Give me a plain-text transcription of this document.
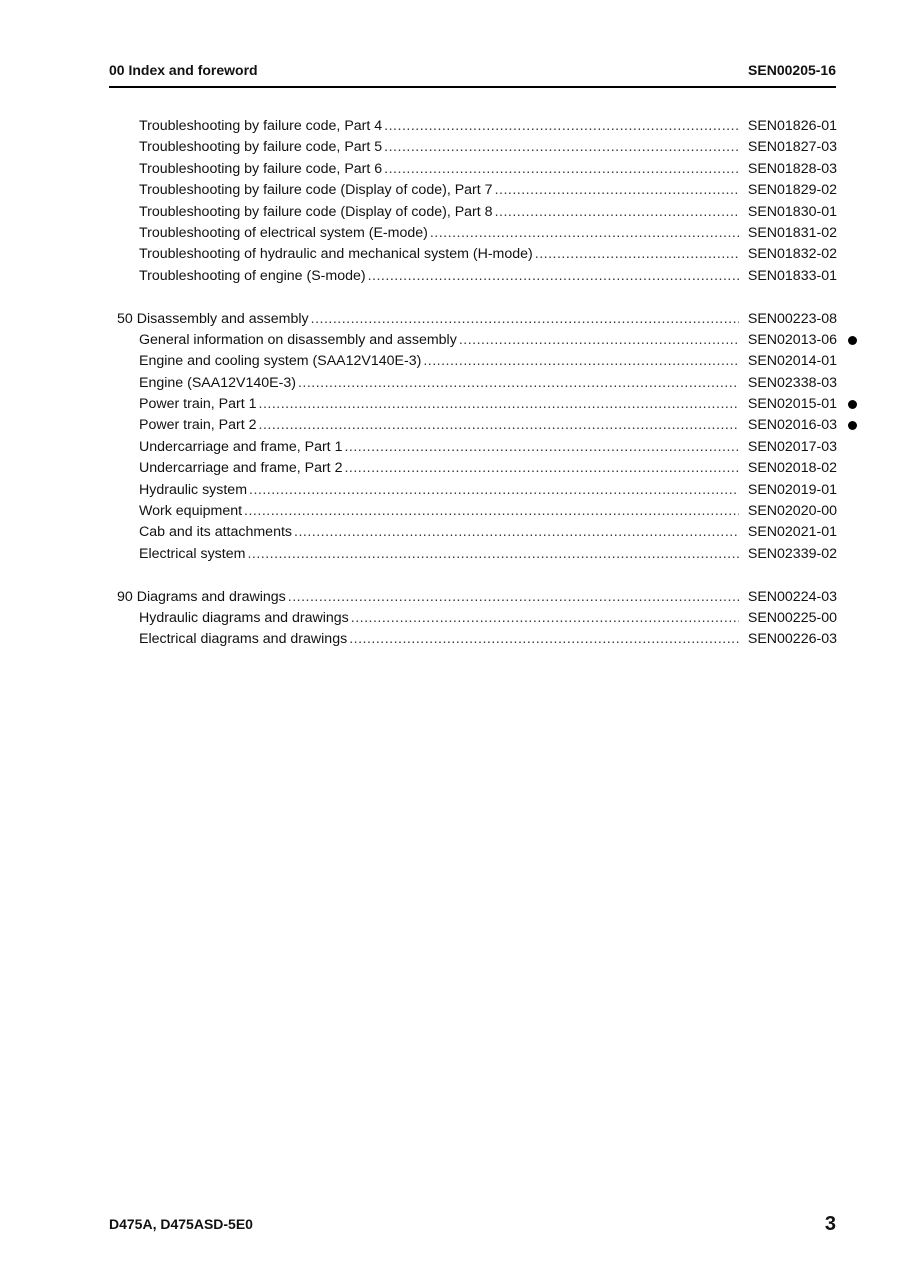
00 Index and foreword	SEN00205-16
Troubleshooting by failure code, Part 4 .....	SEN01826-01
Troubleshooting by failure code, Part 5 .....	SEN01827-03
Troubleshooting by failure code, Part 6 .....	SEN01828-03
Troubleshooting by failure code (Display of code), Part 7 .....	SEN01829-02
Troubleshooting by failure code (Display of code), Part 8 .....	SEN01830-01
Troubleshooting of electrical system (E-mode) .....	SEN01831-02
Troubleshooting of hydraulic and mechanical system (H-mode) .....	SEN01832-02
Troubleshooting of engine (S-mode) .....	SEN01833-01
50 Disassembly and assembly .....	SEN00223-08
General information on disassembly and assembly .....	SEN02013-06
Engine and cooling system (SAA12V140E-3) .....	SEN02014-01
Engine (SAA12V140E-3) .....	SEN02338-03
Power train, Part 1 .....	SEN02015-01
Power train, Part 2 .....	SEN02016-03
Undercarriage and frame, Part 1 .....	SEN02017-03
Undercarriage and frame, Part 2 .....	SEN02018-02
Hydraulic system .....	SEN02019-01
Work equipment .....	SEN02020-00
Cab and its attachments .....	SEN02021-01
Electrical system .....	SEN02339-02
90 Diagrams and drawings .....	SEN00224-03
Hydraulic diagrams and drawings .....	SEN00225-00
Electrical diagrams and drawings .....	SEN00226-03
D475A, D475ASD-5E0	3
